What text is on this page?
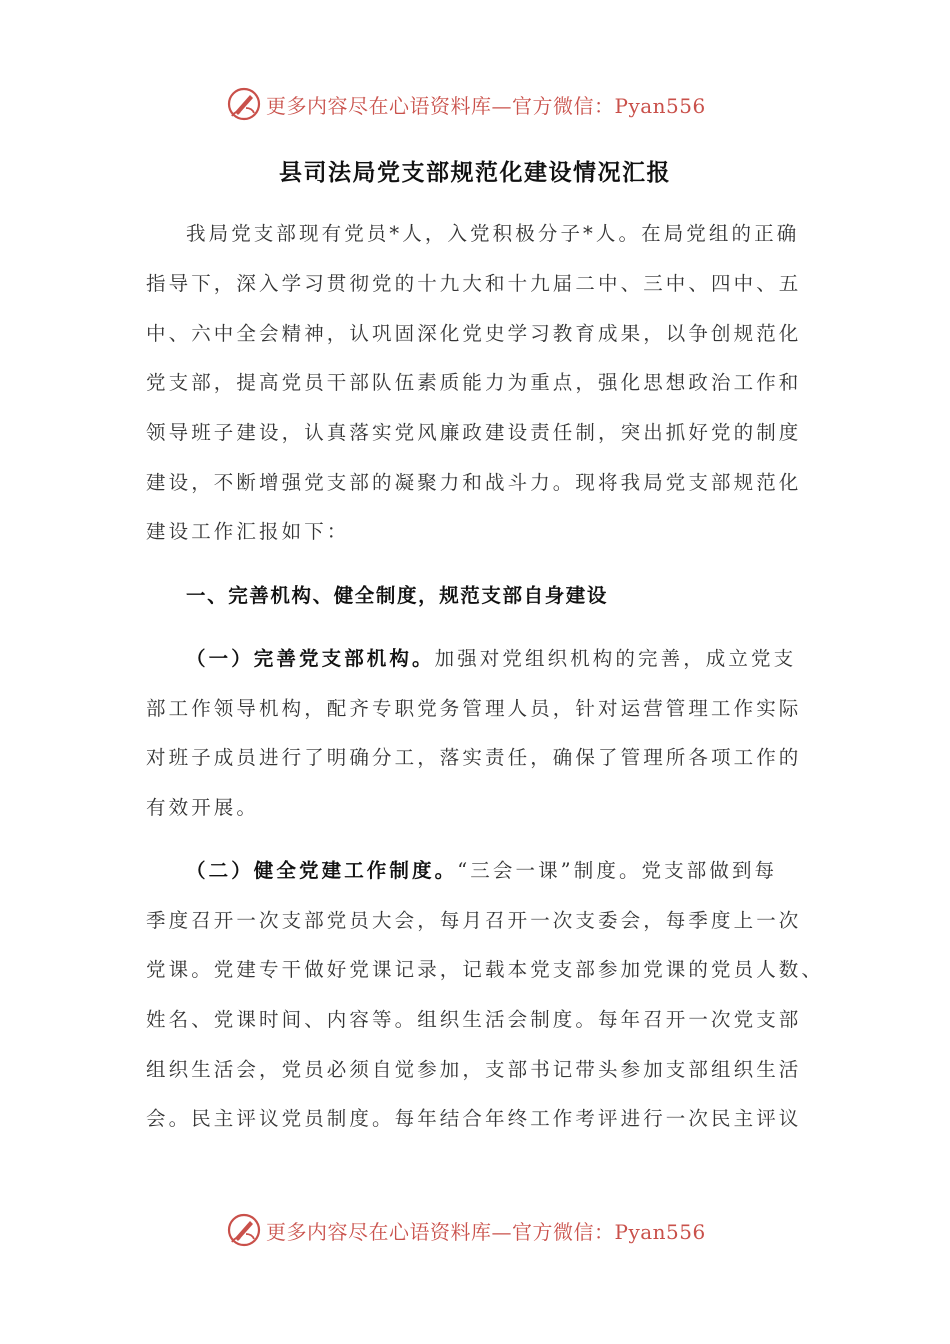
更多内容尽在心语资料库—官方微信：Pyan556
县司法局党支部规范化建设情况汇报
我局党支部现有党员*人，入党积极分子*人。在局党组的正确
指导下，深入学习贯彻党的十九大和十九届二中、三中、四中、五
中、六中全会精神，认巩固深化党史学习教育成果，以争创规范化
党支部，提高党员干部队伍素质能力为重点，强化思想政治工作和
领导班子建设，认真落实党风廉政建设责任制，突出抓好党的制度
建设，不断增强党支部的凝聚力和战斗力。现将我局党支部规范化
建设工作汇报如下：
一、完善机构、健全制度，规范支部自身建设
（一）完善党支部机构。加强对党组织机构的完善，成立党支
部工作领导机构，配齐专职党务管理人员，针对运营管理工作实际
对班子成员进行了明确分工，落实责任，确保了管理所各项工作的
有效开展。
（二）健全党建工作制度。“三会一课”制度。党支部做到每
季度召开一次支部党员大会，每月召开一次支委会，每季度上一次
党课。党建专干做好党课记录，记载本党支部参加党课的党员人数、
姓名、党课时间、内容等。组织生活会制度。每年召开一次党支部
组织生活会，党员必须自觉参加，支部书记带头参加支部组织生活
会。民主评议党员制度。每年结合年终工作考评进行一次民主评议
更多内容尽在心语资料库—官方微信：Pyan556
